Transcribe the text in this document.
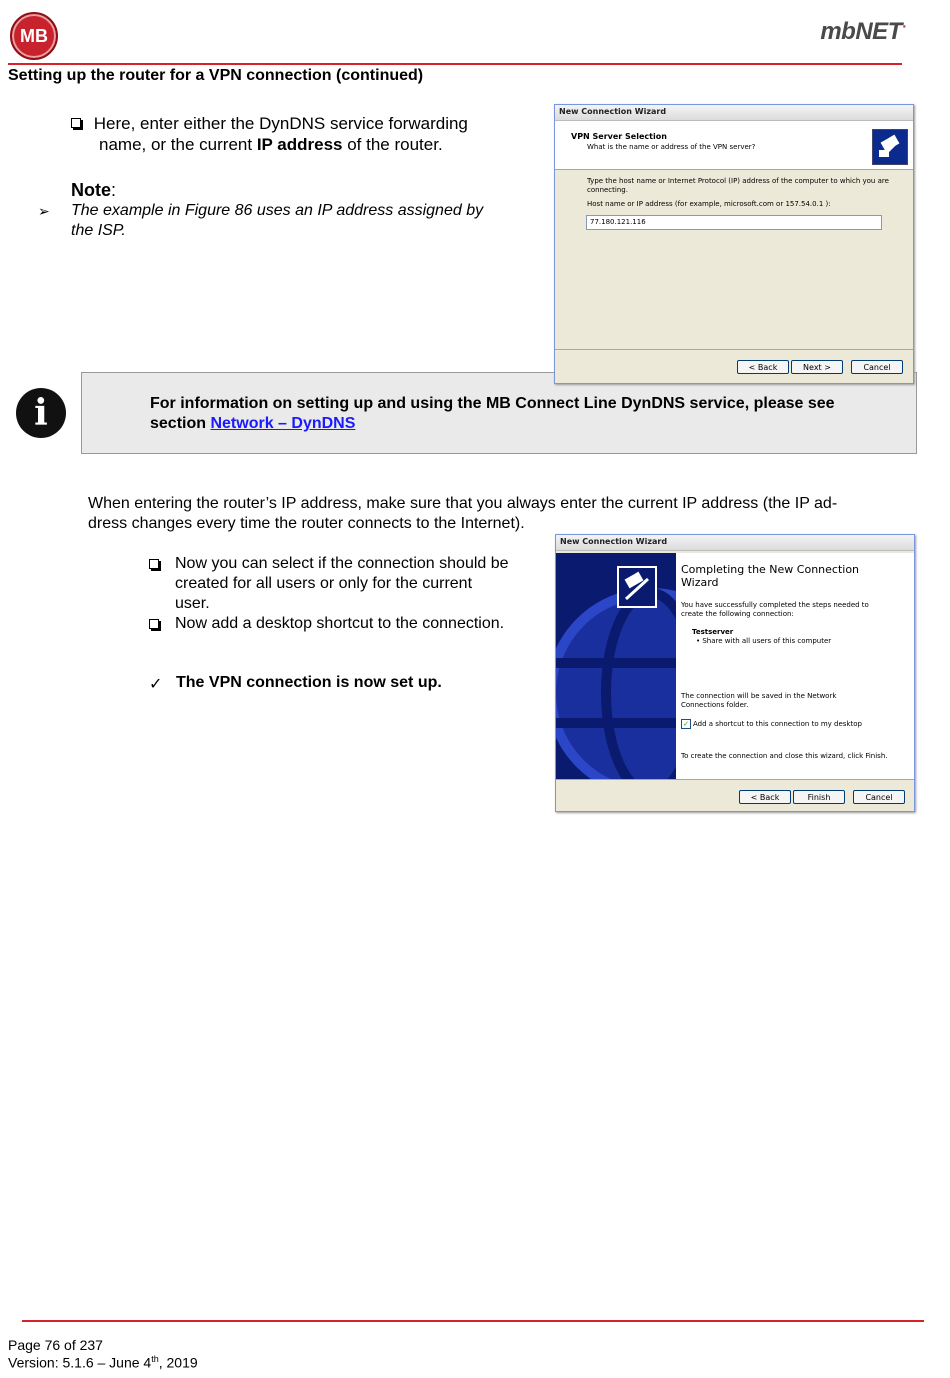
MB	mbNET·
Setting up the router for a VPN connection (continued)
Here, enter either the DynDNS service forwarding
name, or the current IP address of the router.
Note:
➢ The example in Figure 86 uses an IP address assigned by
the ISP.
i	For information on setting up and using the MB Connect Line DynDNS service, please see
section Network – DynDNS
New Connection Wizard
VPN Server Selection
What is the name or address of the VPN server?
Type the host name or Internet Protocol (IP) address of the computer to which you are
connecting.
Host name or IP address (for example, microsoft.com or 157.54.0.1 ):
77.180.121.116
< Back	Next >	Cancel
When entering the router’s IP address, make sure that you always enter the current IP address (the IP ad-
dress changes every time the router connects to the Internet).
Now you can select if the connection should be
created for all users or only for the current
user.
Now add a desktop shortcut to the connection.
✓ The VPN connection is now set up.
New Connection Wizard
Completing the New Connection
Wizard
You have successfully completed the steps needed to
create the following connection:
Testserver
• Share with all users of this computer
The connection will be saved in the Network
Connections folder.
✓ Add a shortcut to this connection to my desktop
To create the connection and close this wizard, click Finish.
< Back	Finish	Cancel
Page 76 of 237
Version: 5.1.6 – June 4th, 2019
